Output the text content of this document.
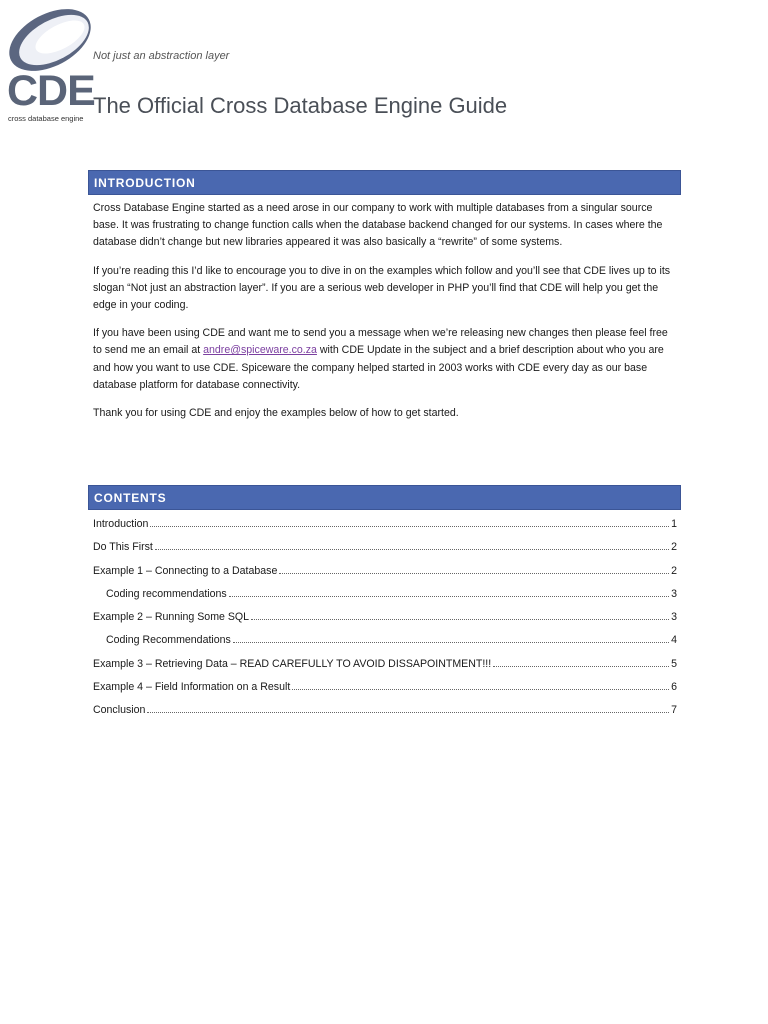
CDE
cross database engine
Not just an abstraction layer
The Official Cross Database Engine Guide
INTRODUCTION

Cross Database Engine started as a need arose in our company to work with multiple databases from a singular source base. It was frustrating to change function calls when the database backend changed for our systems. In cases where the database didn’t change but new libraries appeared it was also basically a “rewrite” of some systems.

If you’re reading this I’d like to encourage you to dive in on the examples which follow and you’ll see that CDE lives up to its slogan “Not just an abstraction layer”. If you are a serious web developer in PHP you’ll find that CDE will help you get the edge in your coding.

If you have been using CDE and want me to send you a message when we’re releasing new changes then please feel free to send me an email at andre@spiceware.co.za with CDE Update in the subject and a brief description about who you are and how you want to use CDE. Spiceware the company helped started in 2003 works with CDE every day as our base database platform for database connectivity.

Thank you for using CDE and enjoy the examples below of how to get started.

CONTENTS
Introduction	1
Do This First	2
Example 1 – Connecting to a Database	2
Coding recommendations	3
Example 2 – Running Some SQL	3
Coding Recommendations	4
Example 3 – Retrieving Data – READ CAREFULLY TO AVOID DISSAPOINTMENT!!!	5
Example 4 – Field Information on a Result	6
Conclusion	7
